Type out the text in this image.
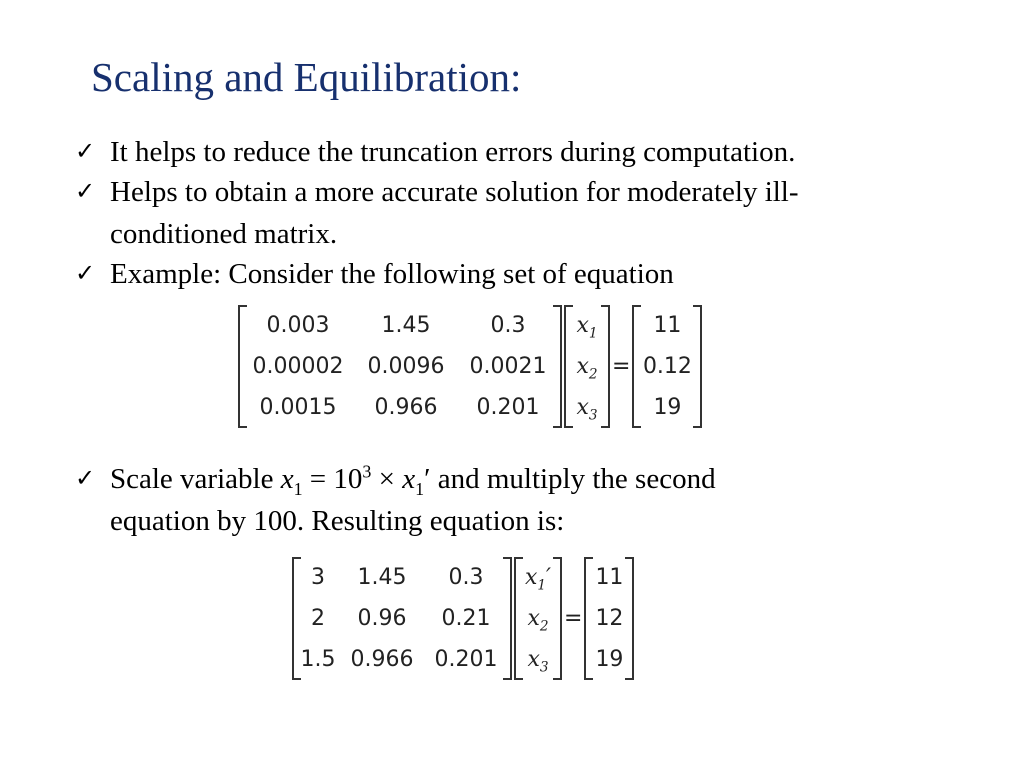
Scaling and Equilibration:
✓ It helps to reduce the truncation errors during computation.
✓ Helps to obtain a more accurate solution for moderately ill-
conditioned matrix.
✓ Example: Consider the following set of equation
0.003	1.45	0.3
0.00002	0.0096	0.0021
0.0015	0.966	0.201
$x_1$
$x_2$
$x_3$
=
11
0.12
19
✓ Scale variable $x_1 = 10^3 \times x_1'$ and multiply the second
equation by 100. Resulting equation is:
3	1.45	0.3
2	0.96	0.21
1.5 0.966 0.201
$x_1'$
$x_2$
$x_3$
=
11
12
19
